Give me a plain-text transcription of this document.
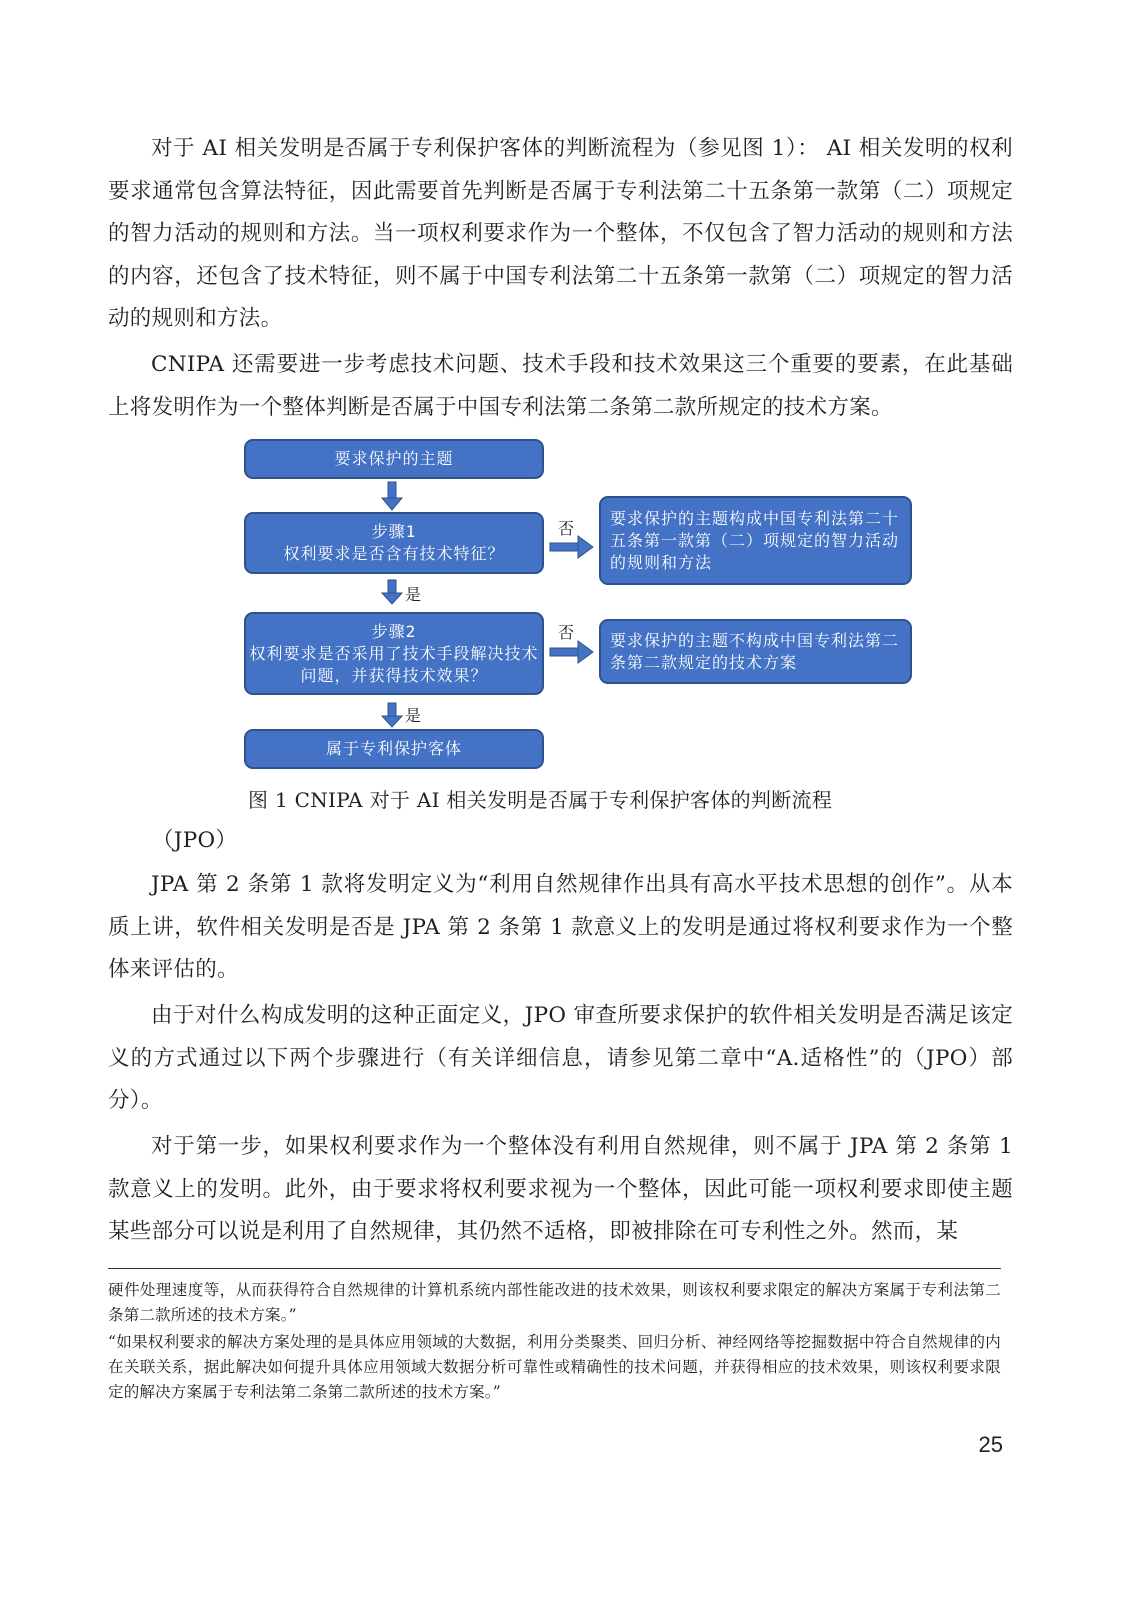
对于 AI 相关发明是否属于专利保护客体的判断流程为（参见图 1）： AI 相关发明的权利要求通常包含算法特征，因此需要首先判断是否属于专利法第二十五条第一款第（二）项规定的智力活动的规则和方法。当一项权利要求作为一个整体，不仅包含了智力活动的规则和方法的内容，还包含了技术特征，则不属于中国专利法第二十五条第一款第（二）项规定的智力活动的规则和方法。

CNIPA 还需要进一步考虑技术问题、技术手段和技术效果这三个重要的要素，在此基础上将发明作为一个整体判断是否属于中国专利法第二条第二款所规定的技术方案。

要求保护的主题
步骤1
权利要求是否含有技术特征？
否
要求保护的主题构成中国专利法第二十五条第一款第（二）项规定的智力活动的规则和方法
是
步骤2
权利要求是否采用了技术手段解决技术问题，并获得技术效果？
否 要求保护的主题不构成中国专利法第二条第二款规定的技术方案
是
属于专利保护客体
图 1 CNIPA 对于 AI 相关发明是否属于专利保护客体的判断流程

（JPO）

JPA 第 2 条第 1 款将发明定义为“利用自然规律作出具有高水平技术思想的创作”。从本质上讲，软件相关发明是否是 JPA 第 2 条第 1 款意义上的发明是通过将权利要求作为一个整体来评估的。

由于对什么构成发明的这种正面定义，JPO 审查所要求保护的软件相关发明是否满足该定义的方式通过以下两个步骤进行（有关详细信息，请参见第二章中“A.适格性”的（JPO）部分）。

对于第一步，如果权利要求作为一个整体没有利用自然规律，则不属于 JPA 第 2 条第 1 款意义上的发明。此外，由于要求将权利要求视为一个整体，因此可能一项权利要求即使主题某些部分可以说是利用了自然规律，其仍然不适格，即被排除在可专利性之外。然而，某

硬件处理速度等，从而获得符合自然规律的计算机系统内部性能改进的技术效果，则该权利要求限定的解决方案属于专利法第二条第二款所述的技术方案。”

“如果权利要求的解决方案处理的是具体应用领域的大数据，利用分类聚类、回归分析、神经网络等挖掘数据中符合自然规律的内在关联关系，据此解决如何提升具体应用领域大数据分析可靠性或精确性的技术问题，并获得相应的技术效果，则该权利要求限定的解决方案属于专利法第二条第二款所述的技术方案。”

25
